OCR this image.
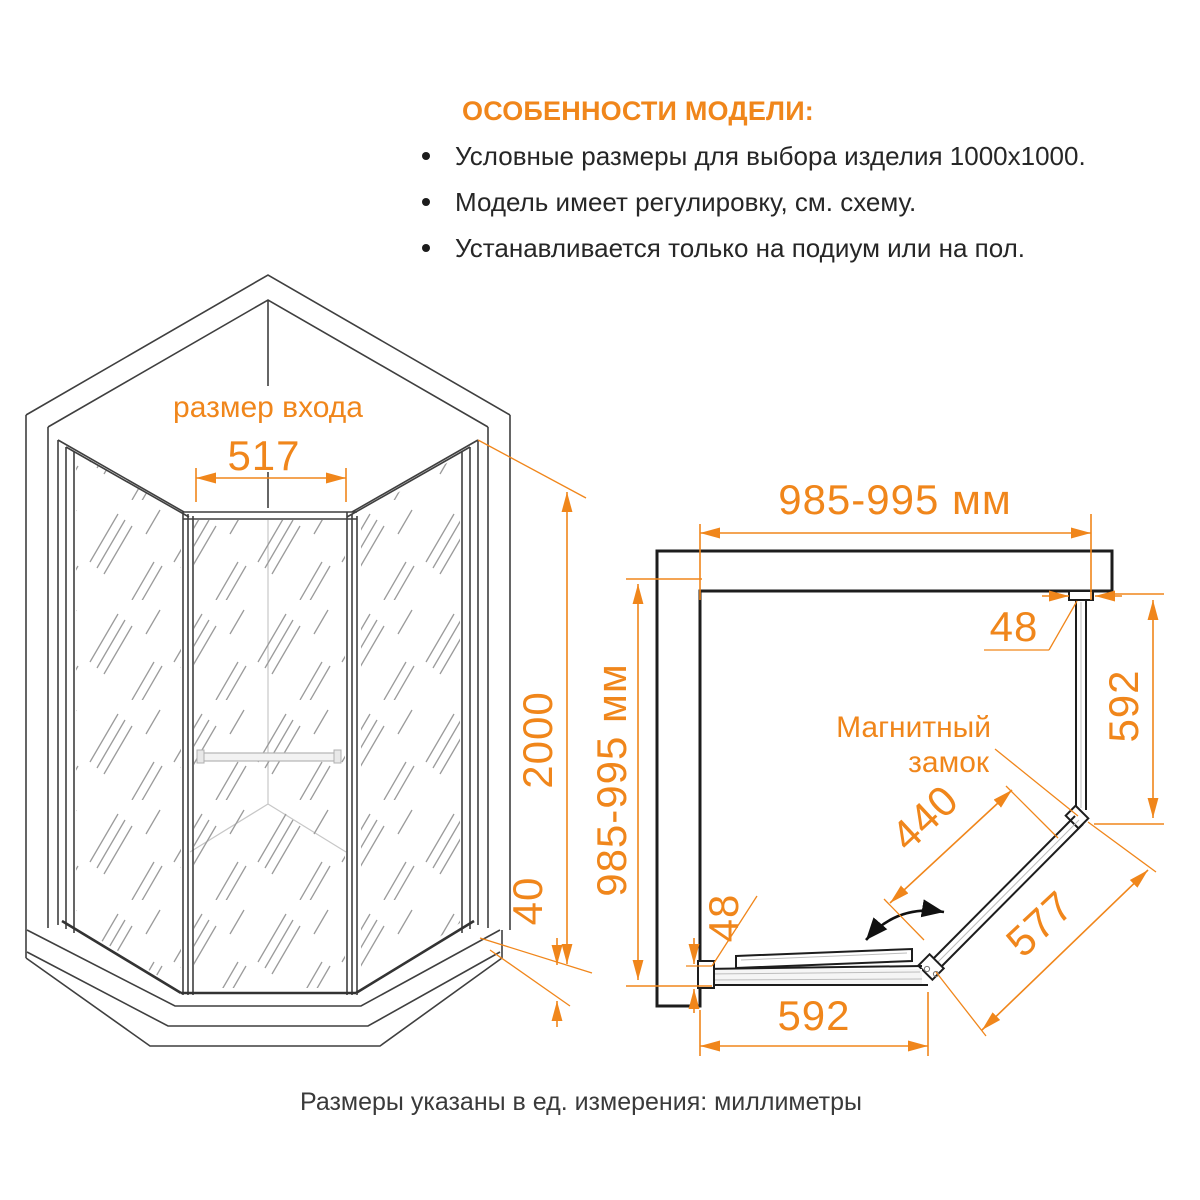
ОСОБЕННОСТИ МОДЕЛИ:
Условные размеры для выбора изделия 1000x1000.
Модель имеет регулировку, см. схему.
Устанавливается только на подиум или на пол.
размер входа
517
2000
40
985-995 мм
985-995 мм
48
592
440
577
48
592
Магнитный
замок
Размеры указаны в ед. измерения: миллиметры
